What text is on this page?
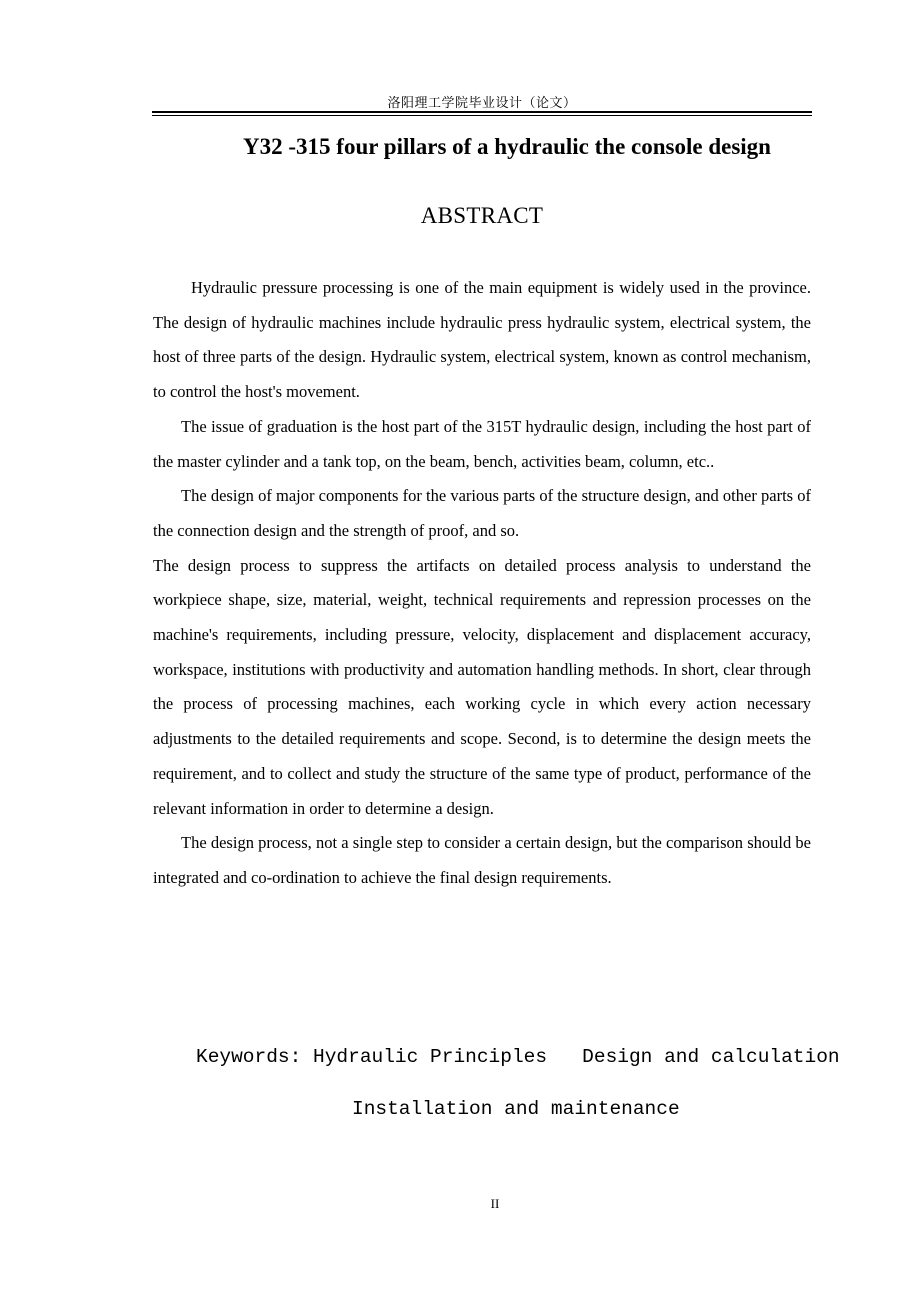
洛阳理工学院毕业设计（论文）
Y32 -315 four pillars of a hydraulic the console design
ABSTRACT

Hydraulic pressure processing is one of the main equipment is widely used in the province. The design of hydraulic machines include hydraulic press hydraulic system, electrical system, the host of three parts of the design. Hydraulic system, electrical system, known as control mechanism, to control the host's movement.

The issue of graduation is the host part of the 315T hydraulic design, including the host part of the master cylinder and a tank top, on the beam, bench, activities beam, column, etc..

The design of major components for the various parts of the structure design, and other parts of the connection design and the strength of proof, and so.

The design process to suppress the artifacts on detailed process analysis to understand the workpiece shape, size, material, weight, technical requirements and repression processes on the machine's requirements, including pressure, velocity, displacement and displacement accuracy, workspace, institutions with productivity and automation handling methods. In short, clear through the process of processing machines, each working cycle in which every action necessary adjustments to the detailed requirements and scope. Second, is to determine the design meets the requirement, and to collect and study the structure of the same type of product, performance of the relevant information in order to determine a design.

The design process, not a single step to consider a certain design, but the comparison should be integrated and co-ordination to achieve the final design requirements.

Keywords: Hydraulic Principles   Design and calculation
Installation and maintenance
II
